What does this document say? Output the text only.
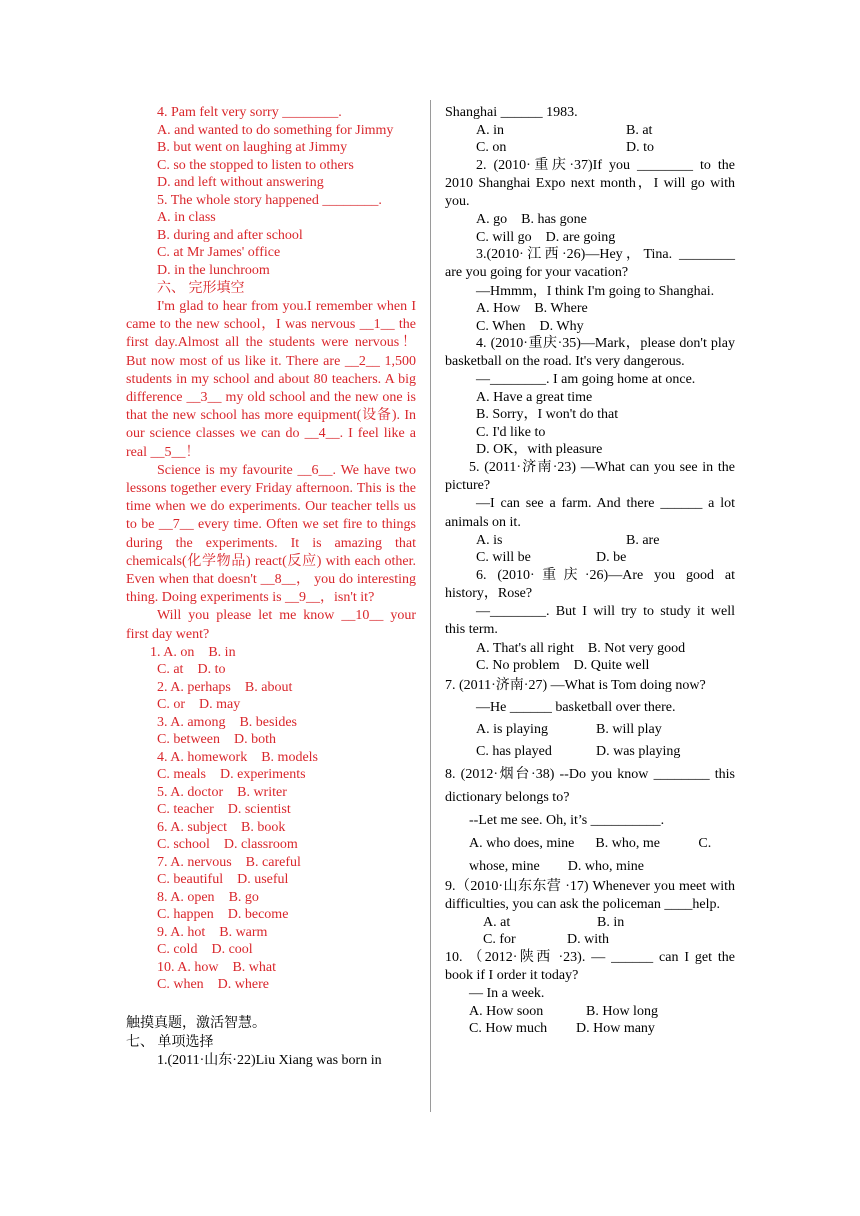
4. Pam felt very sorry ________.
A. and wanted to do something for Jimmy
B. but went on laughing at Jimmy
C. so the stopped to listen to others
D. and left without answering
5. The whole story happened ________.
A. in class
B. during and after school
C. at Mr James' office
D. in the lunchroom
六、 完形填空

I'm glad to hear from you.I remember when I came to the new school，I was nervous __1__ the first day.Almost all the students were nervous！ But now most of us like it. There are __2__ 1,500 students in my school and about 80 teachers. A big difference __3__ my old school and the new one is that the new school has more equipment(设备). In our science classes we can do __4__. I feel like a real __5__！

Science is my favourite __6__. We have two lessons together every Friday afternoon. This is the time when we do experiments. Our teacher tells us to be __7__ every time. Often we set fire to things during the experiments. It is amazing that chemicals(化学物品) react(反应) with each other. Even when that doesn't __8__， you do interesting thing. Doing experiments is __9__，isn't it?

Will you please let me know __10__ your first day went?

1. A. on B. in
C. at D. to
2. A. perhaps B. about
C. or D. may
3. A. among B. besides
C. between D. both
4. A. homework B. models
C. meals D. experiments
5. A. doctor B. writer
C. teacher D. scientist
6. A. subject B. book
C. school D. classroom
7. A. nervous B. careful
C. beautiful D. useful
8. A. open B. go
C. happen D. become
9. A. hot B. warm
C. cold D. cool
10. A. how B. what
C. when D. where
触摸真题，激活智慧。
七、 单项选择
1.(2011·山东·22)Liu Xiang was born in
Shanghai ______ 1983.
A. in	B. at
C. on	D. to

2. (2010·重庆·37)If you ________ to the 2010 Shanghai Expo next month，I will go with you.

A. go    B. has gone
C. will go    D. are going

3.(2010·江西·26)—Hey，Tina. ________ are you going for your vacation?

—Hmmm，I think I'm going to Shanghai.
A. How    B. Where
C. When    D. Why

4. (2010·重庆·35)—Mark，please don't play basketball on the road. It's very dangerous.

—________. I am going home at once.
A. Have a great time
B. Sorry，I won't do that
C. I'd like to
D. OK，with pleasure

5. (2011·济南·23) —What can you see in the picture?

—I can see a farm. And there ______ a lot animals on it.

A. is	B. are
C. will be	D. be

6. (2010·重庆·26)—Are you good at history，Rose?

—________. But I will try to study it well this term.

A. That's all right    B. Not very good
C. No problem    D. Quite well
7. (2011·济南·27) —What is Tom doing now?
—He ______ basketball over there.
A. is playing	B. will play
C. has played	D. was playing

8. (2012·烟台·38) --Do you know ________ this dictionary belongs to?

--Let me see. Oh, it’s __________.
A. who does, mine      B. who, me           C.
whose, mine        D. who, mine

9.（2010·山东东营 ·17) Whenever you meet with difficulties, you can ask the policeman ____help.

A. at	B. in
C. for	D. with

10. （2012·陕西 ·23). — ______ can I get the book if I order it today?

— In a week.
A. How soon	B. How long
C. How much D. How many
